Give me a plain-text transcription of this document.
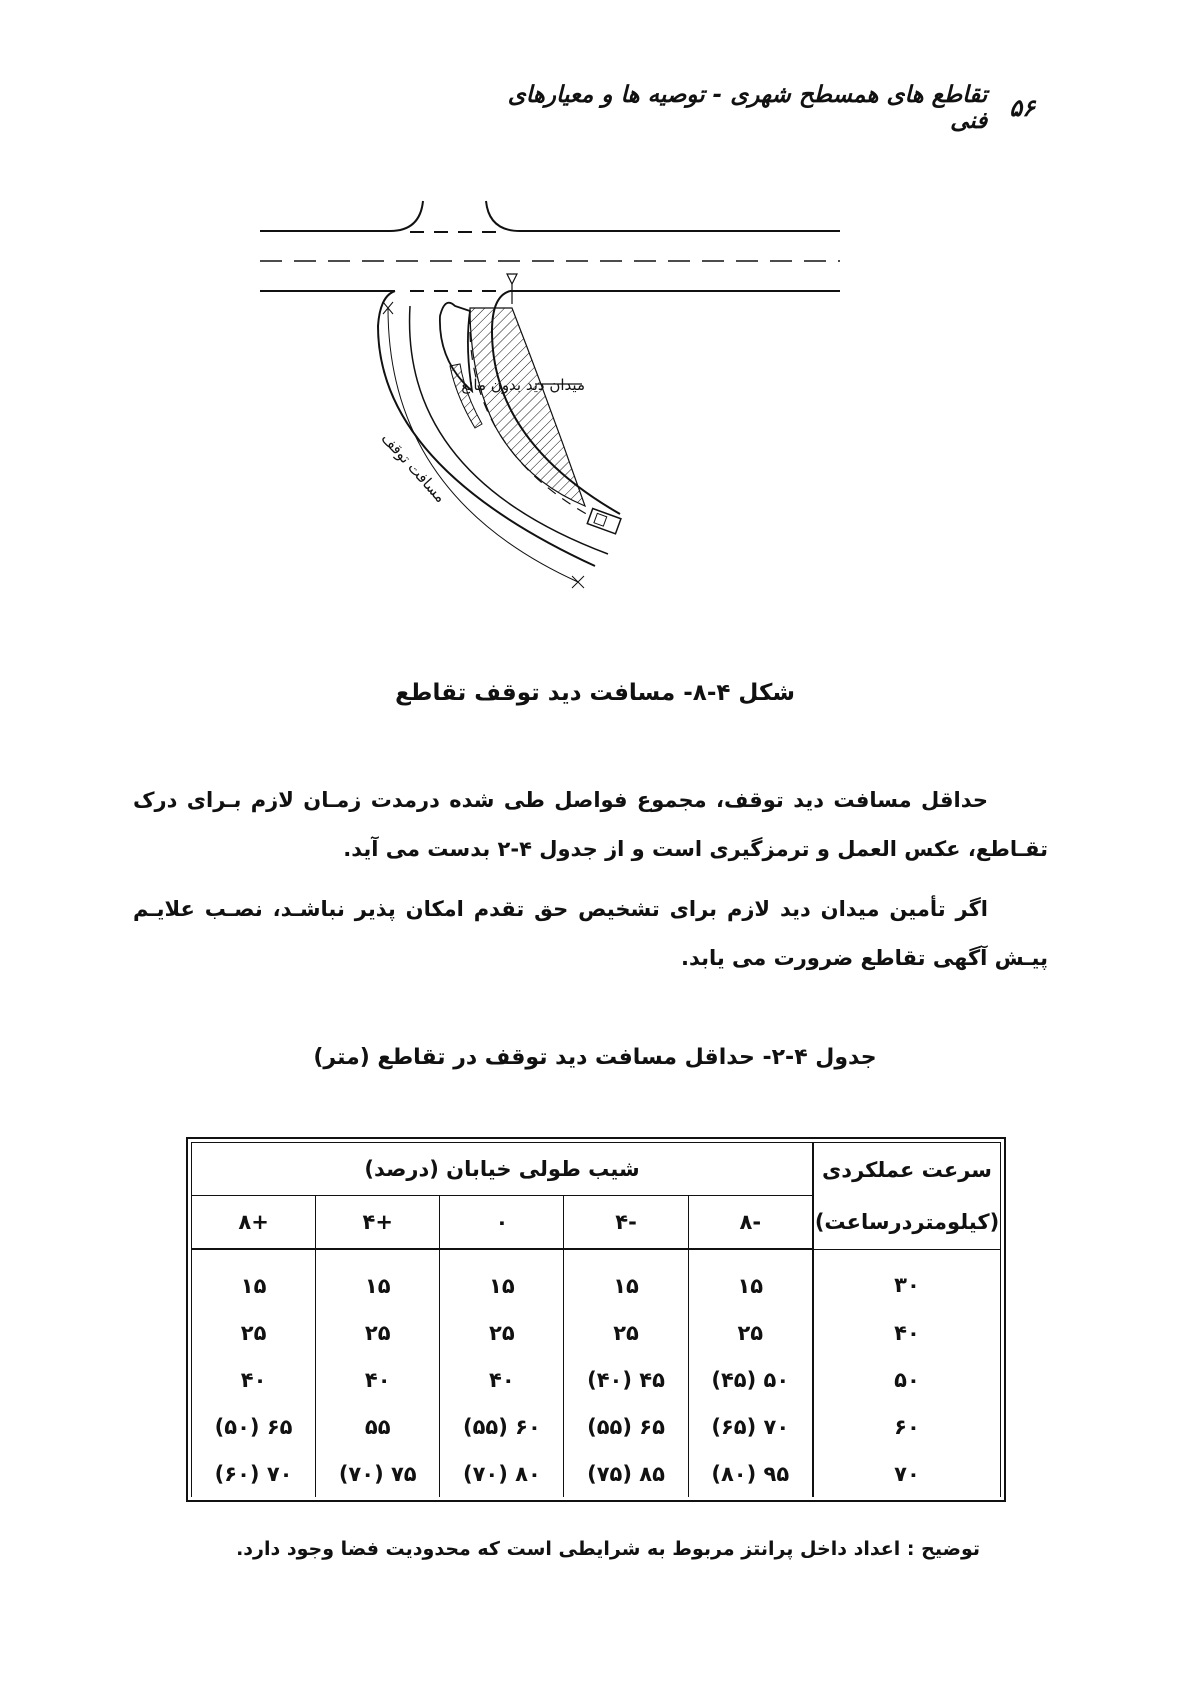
۵۶
تقاطع های همسطح شهری - توصیه ها و معیارهای فنی
میدان دید بدون مانع
مسافت توقف
شکل ۴-۸- مسافت دید توقف تقاطع
حداقل مسافت دید توقف، مجموع فواصل طی شده درمدت زمـان لازم بـرای درک تقـاطع، عکس العمل و ترمزگیری است و از جدول ۴-۲ بدست می آید.
اگر تأمین میدان دید لازم برای تشخیص حق تقدم امکان پذیر نباشـد، نصـب علایـم پیـش آگهی تقاطع ضرورت می یابد.
جدول ۴-۲- حداقل مسافت دید توقف در تقاطع (متر)
سرعت عملکردی
(کیلومتردرساعت)	شیب طولی خیابان (درصد)				
	-۸	-۴	۰	+۴	+۸
۳۰	۱۵	۱۵	۱۵	۱۵	۱۵
۴۰	۲۵	۲۵	۲۵	۲۵	۲۵
۵۰	۵۰ (۴۵)	۴۵ (۴۰)	۴۰	۴۰	۴۰
۶۰	۷۰ (۶۵)	۶۵ (۵۵)	۶۰ (۵۵)	۵۵	۶۵ (۵۰)
۷۰	۹۵ (۸۰)	۸۵ (۷۵)	۸۰ (۷۰)	۷۵ (۷۰)	۷۰ (۶۰)
توضیح : اعداد داخل پرانتز مربوط به شرایطی است که محدودیت فضا وجود دارد.
